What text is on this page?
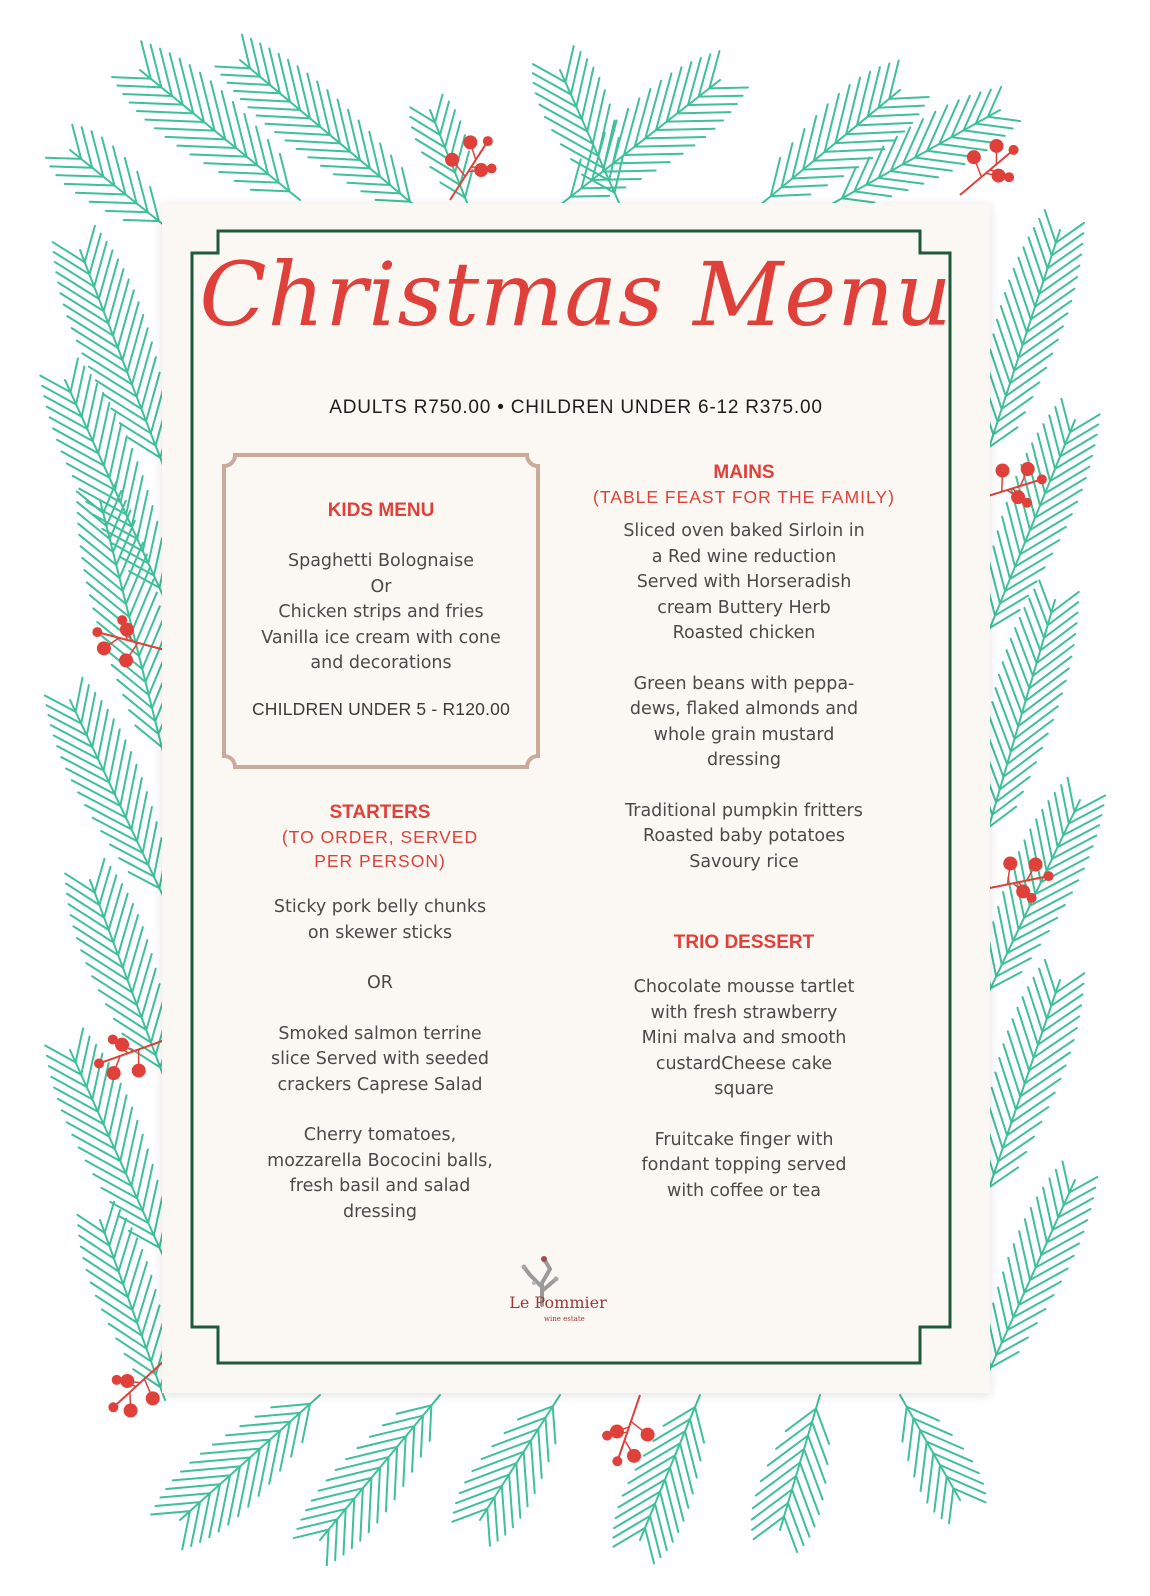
Christmas Menu
ADULTS R750.00 • CHILDREN UNDER 6-12 R375.00
KIDS MENU
Spaghetti Bolognaise
Or
Chicken strips and fries
Vanilla ice cream with cone
and decorations
CHILDREN UNDER 5 - R120.00
STARTERS
(TO ORDER, SERVED
PER PERSON)
Sticky pork belly chunks
on skewer sticks
OR
Smoked salmon terrine
slice Served with seeded
crackers Caprese Salad
Cherry tomatoes,
mozzarella Bococini balls,
fresh basil and salad
dressing
MAINS
(TABLE FEAST FOR THE FAMILY)
Sliced oven baked Sirloin in
a Red wine reduction
Served with Horseradish
cream Buttery Herb
Roasted chicken
Green beans with peppa-
dews, flaked almonds and
whole grain mustard
dressing
Traditional pumpkin fritters
Roasted baby potatoes
Savoury rice
TRIO DESSERT
Chocolate mousse tartlet
with fresh strawberry
Mini malva and smooth
custardCheese cake
square
Fruitcake finger with
fondant topping served
with coffee or tea
Le Pommier
wine estate
